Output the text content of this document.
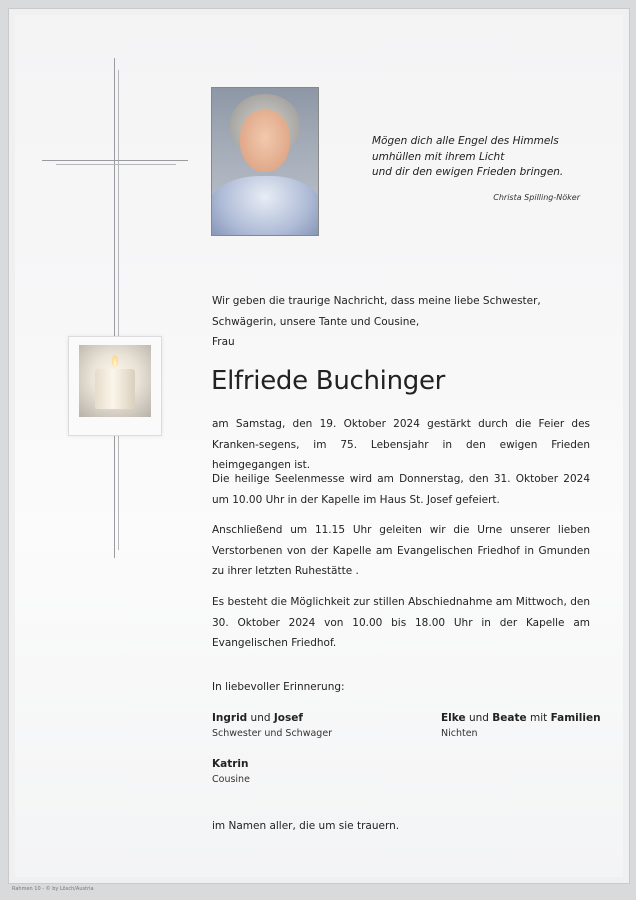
Mögen dich alle Engel des Himmels
umhüllen mit ihrem Licht
und dir den ewigen Frieden bringen.
Christa Spilling-Nöker
Wir geben die traurige Nachricht, dass meine liebe Schwester,
Schwägerin, unsere Tante und Cousine,
Frau
Elfriede Buchinger
am Samstag, den 19. Oktober 2024 gestärkt durch die Feier des Kranken-segens, im 75. Lebensjahr in den ewigen Frieden heimgegangen ist.
Die heilige Seelenmesse wird am Donnerstag, den 31. Oktober 2024 um 10.00 Uhr in der Kapelle im Haus St. Josef gefeiert.
Anschließend um 11.15 Uhr geleiten wir die Urne unserer lieben Verstorbenen von der Kapelle am Evangelischen Friedhof in Gmunden zu ihrer letzten Ruhestätte .
Es besteht die Möglichkeit zur stillen Abschiednahme am Mittwoch, den 30. Oktober 2024 von 10.00 bis 18.00 Uhr in der Kapelle am Evangelischen Friedhof.
In liebevoller Erinnerung:
Ingrid und Josef
Schwester und Schwager
Elke und Beate mit Familien
Nichten
Katrin
Cousine
im Namen aller, die um sie trauern.
Rahmen 10 - © by Lösch/Austria
